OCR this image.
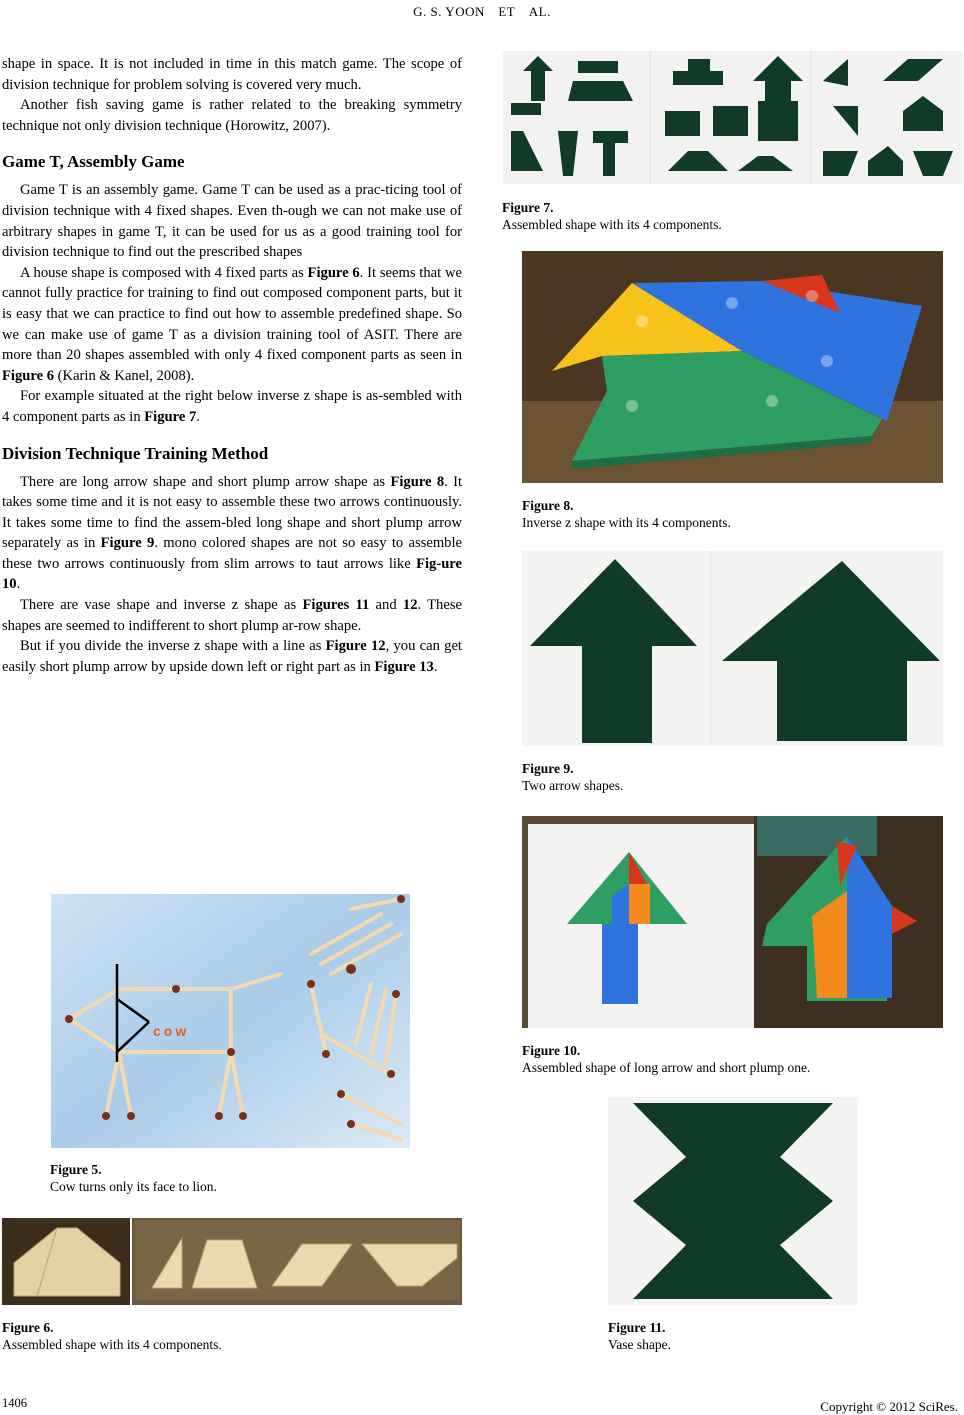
G. S. YOON ET AL.

shape in space. It is not included in time in this match game. The scope of division technique for problem solving is covered very much.

Another fish saving game is rather related to the breaking symmetry technique not only division technique (Horowitz, 2007).

Game T, Assembly Game

Game T is an assembly game. Game T can be used as a prac-ticing tool of division technique with 4 fixed shapes. Even th-ough we can not make use of arbitrary shapes in game T, it can be used for us as a good training tool for division technique to find out the prescribed shapes

A house shape is composed with 4 fixed parts as Figure 6. It seems that we cannot fully practice for training to find out composed component parts, but it is easy that we can practice to find out how to assemble predefined shape. So we can make use of game T as a division training tool of ASIT. There are more than 20 shapes assembled with only 4 fixed component parts as seen in Figure 6 (Karin & Kanel, 2008).

For example situated at the right below inverse z shape is as-sembled with 4 component parts as in Figure 7.

Division Technique Training Method

There are long arrow shape and short plump arrow shape as Figure 8. It takes some time and it is not easy to assemble these two arrows continuously. It takes some time to find the assem-bled long shape and short plump arrow separately as in Figure 9. mono colored shapes are not so easy to assemble these two arrows continuously from slim arrows to taut arrows like Fig-ure 10.

There are vase shape and inverse z shape as Figures 11 and 12. These shapes are seemed to indifferent to short plump ar-row shape.

But if you divide the inverse z shape with a line as Figure 12, you can get easily short plump arrow by upside down left or right part as in Figure 13.

cow
Figure 5.
Cow turns only its face to lion.
Figure 6.
Assembled shape with its 4 components.
Figure 7.
Assembled shape with its 4 components.
Figure 8.
Inverse z shape with its 4 components.
Figure 9.
Two arrow shapes.
Figure 10.
Assembled shape of long arrow and short plump one.
Figure 11.
Vase shape.
1406	Copyright © 2012 SciRes.
